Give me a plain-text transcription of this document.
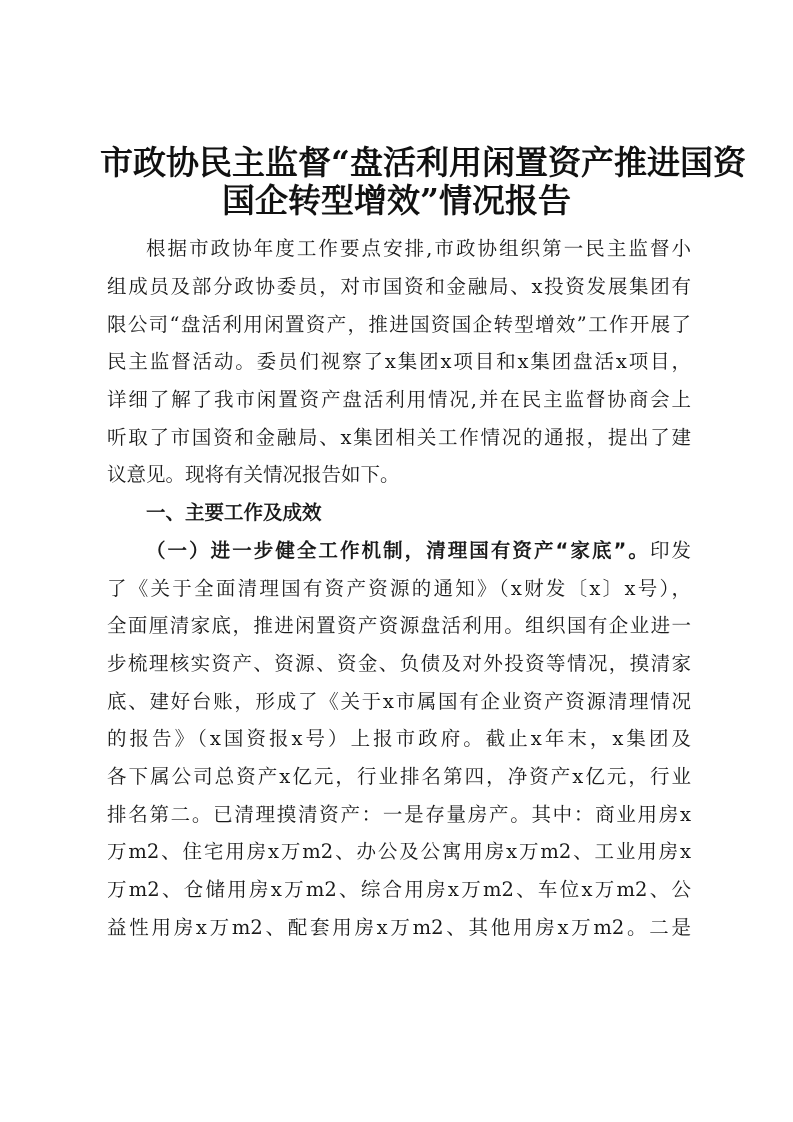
市政协民主监督“盘活利用闲置资产推进国资
国企转型增效”情况报告
根据市政协年度工作要点安排,市政协组织第一民主监督小
组成员及部分政协委员，对市国资和金融局、x投资发展集团有
限公司“盘活利用闲置资产，推进国资国企转型增效”工作开展了
民主监督活动。委员们视察了x集团x项目和x集团盘活x项目，
详细了解了我市闲置资产盘活利用情况,并在民主监督协商会上
听取了市国资和金融局、x集团相关工作情况的通报，提出了建
议意见。现将有关情况报告如下。
一、主要工作及成效
（一）进一步健全工作机制，清理国有资产“家底”。印发
了《关于全面清理国有资产资源的通知》（x财发〔x〕x号），
全面厘清家底，推进闲置资产资源盘活利用。组织国有企业进一
步梳理核实资产、资源、资金、负债及对外投资等情况，摸清家
底、建好台账，形成了《关于x市属国有企业资产资源清理情况
的报告》（x国资报x号）上报市政府。截止x年末，x集团及
各下属公司总资产x亿元，行业排名第四，净资产x亿元，行业
排名第二。已清理摸清资产：一是存量房产。其中：商业用房x
万m2、住宅用房x万m2、办公及公寓用房x万m2、工业用房x
万m2、仓储用房x万m2、综合用房x万m2、车位x万m2、公
益性用房x万m2、配套用房x万m2、其他用房x万m2。二是
